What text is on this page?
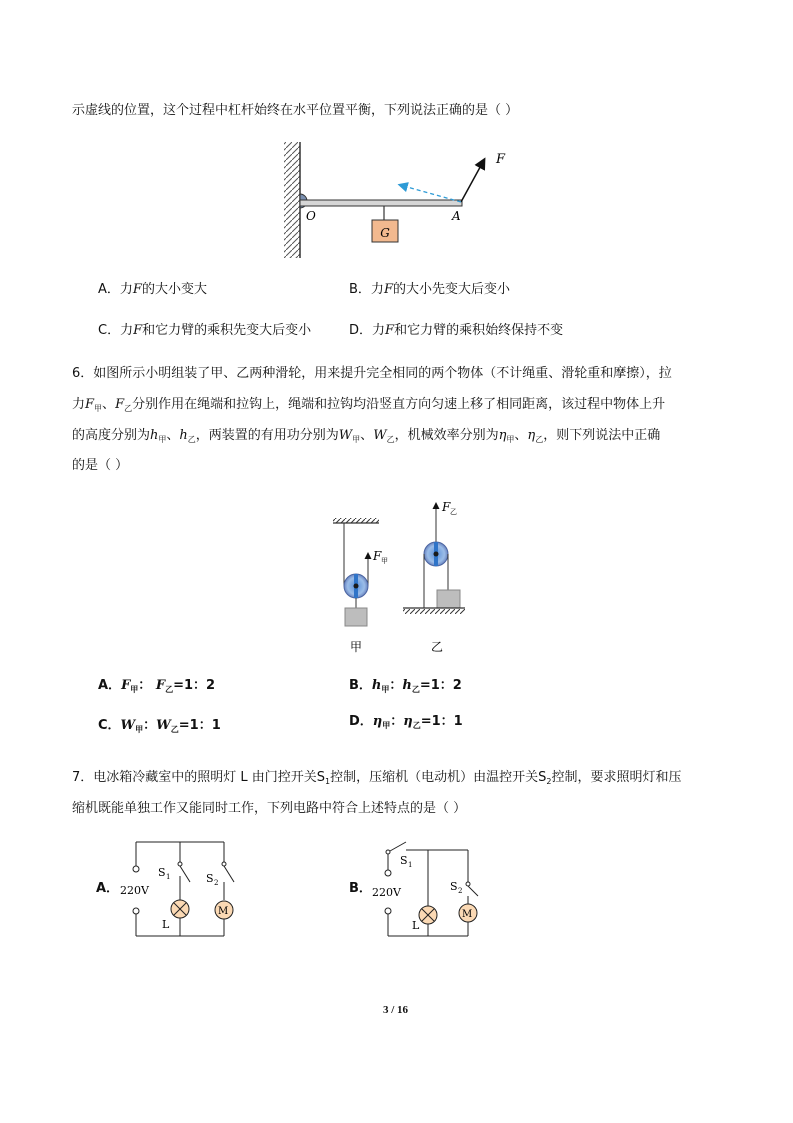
示虚线的位置，这个过程中杠杆始终在水平位置平衡，下列说法正确的是（ ）
G
O	A
F
A．力F的大小变大	B．力F的大小先变大后变小
C．力F和它力臂的乘积先变大后变小	D．力F和它力臂的乘积始终保持不变
6．如图所示小明组装了甲、乙两种滑轮，用来提升完全相同的两个物体（不计绳重、滑轮重和摩擦），拉
力$F_甲$、$F_乙$分别作用在绳端和拉钩上，绳端和拉钩均沿竖直方向匀速上移了相同距离，该过程中物体上升
的高度分别为$h_甲$、$h_乙$，两装置的有用功分别为$W_甲$、$W_乙$，机械效率分别为$\eta_甲$、$\eta_乙$，则下列说法中正确
的是（ ）
F 甲
甲
F 乙
乙
A．$F_甲$： $F_乙=1$：2	B．$h_甲$：$h_乙=1$：2
C．$W_甲$：$W_乙=1$：1	D．$\eta_甲$：$\eta_乙=1$：1
7．电冰箱冷藏室中的照明灯 L 由门控开关$S_1$控制，压缩机（电动机）由温控开关$S_2$控制，要求照明灯和压
缩机既能单独工作又能同时工作，下列电路中符合上述特点的是（ ）
A． 220V
S 1
L
S 2
M
B．
S 1
220V
L
S 2
M
3 / 16
